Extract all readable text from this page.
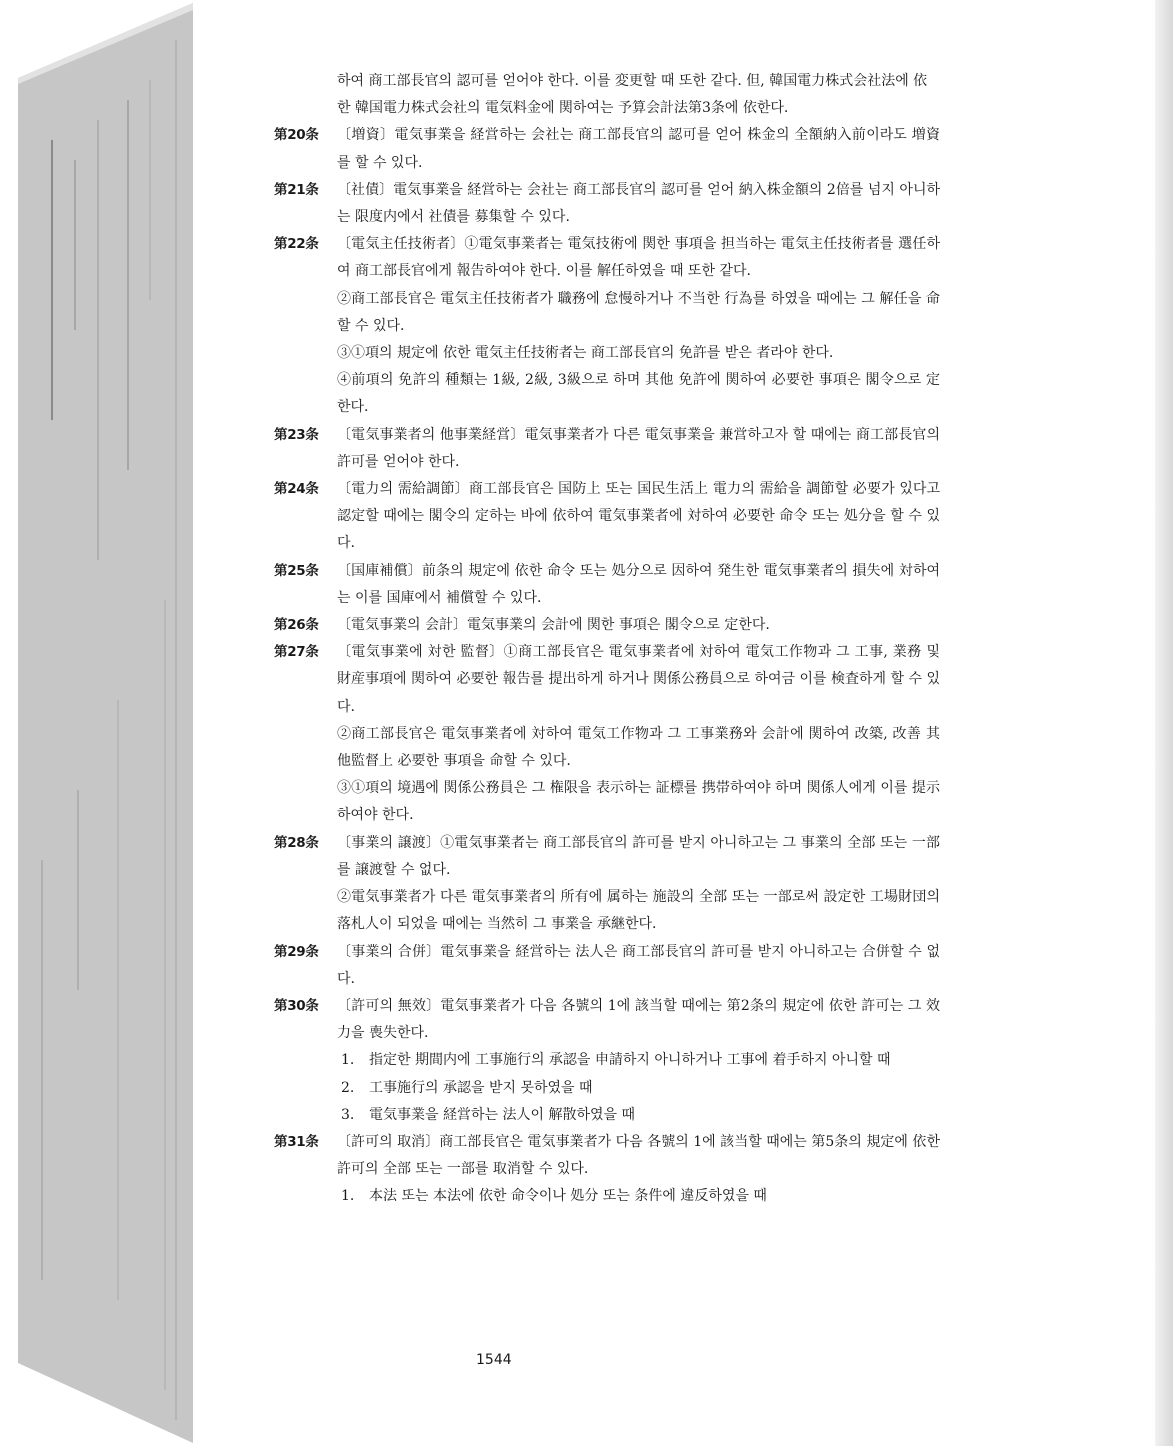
하여 商工部長官의 認可를 얻어야 한다. 이를 変更할 때 또한 같다. 但, 韓国電力株式会社法에 依한 韓国電力株式会社의 電気料金에 関하여는 予算会計法第3条에 依한다.
第20条	〔増資〕電気事業을 経営하는 会社는 商工部長官의 認可를 얻어 株金의 全額納入前이라도 増資를 할 수 있다.
第21条	〔社債〕電気事業을 経営하는 会社는 商工部長官의 認可를 얻어 納入株金額의 2倍를 넘지 아니하는 限度内에서 社債를 募集할 수 있다.
第22条	〔電気主任技術者〕①電気事業者는 電気技術에 関한 事項을 担当하는 電気主任技術者를 選任하여 商工部長官에게 報告하여야 한다. 이를 解任하였을 때 또한 같다.
②商工部長官은 電気主任技術者가 職務에 怠慢하거나 不当한 行為를 하였을 때에는 그 解任을 命할 수 있다.
③①項의 規定에 依한 電気主任技術者는 商工部長官의 免許를 받은 者라야 한다.
④前項의 免許의 種類는 1級, 2級, 3級으로 하며 其他 免許에 関하여 必要한 事項은 閣令으로 定한다.
第23条	〔電気事業者의 他事業経営〕電気事業者가 다른 電気事業을 兼営하고자 할 때에는 商工部長官의 許可를 얻어야 한다.
第24条	〔電力의 需給調節〕商工部長官은 国防上 또는 国民生活上 電力의 需給을 調節할 必要가 있다고 認定할 때에는 閣令의 定하는 바에 依하여 電気事業者에 対하여 必要한 命令 또는 処分을 할 수 있다.
第25条	〔国庫補償〕前条의 規定에 依한 命令 또는 処分으로 因하여 発生한 電気事業者의 損失에 対하여는 이를 国庫에서 補償할 수 있다.
第26条	〔電気事業의 会計〕電気事業의 会計에 関한 事項은 閣令으로 定한다.
第27条	〔電気事業에 対한 監督〕①商工部長官은 電気事業者에 対하여 電気工作物과 그 工事, 業務 및 財産事項에 関하여 必要한 報告를 提出하게 하거나 関係公務員으로 하여금 이를 検査하게 할 수 있다.
②商工部長官은 電気事業者에 対하여 電気工作物과 그 工事業務와 会計에 関하여 改築, 改善 其他監督上 必要한 事項을 命할 수 있다.
③①項의 境遇에 関係公務員은 그 権限을 表示하는 証標를 携帯하여야 하며 関係人에게 이를 提示하여야 한다.
第28条	〔事業의 譲渡〕①電気事業者는 商工部長官의 許可를 받지 아니하고는 그 事業의 全部 또는 一部를 譲渡할 수 없다.
②電気事業者가 다른 電気事業者의 所有에 属하는 施設의 全部 또는 一部로써 設定한 工場財団의 落札人이 되었을 때에는 当然히 그 事業을 承継한다.
第29条	〔事業의 合併〕電気事業을 経営하는 法人은 商工部長官의 許可를 받지 아니하고는 合併할 수 없다.
第30条	〔許可의 無效〕電気事業者가 다음 各號의 1에 該当할 때에는 第2条의 規定에 依한 許可는 그 效力을 喪失한다.
1.	指定한 期間内에 工事施行의 承認을 申請하지 아니하거나 工事에 着手하지 아니할 때
2.	工事施行의 承認을 받지 못하였을 때
3.	電気事業을 経営하는 法人이 解散하였을 때
第31条	〔許可의 取消〕商工部長官은 電気事業者가 다음 各號의 1에 該当할 때에는 第5条의 規定에 依한 許可의 全部 또는 一部를 取消할 수 있다.
1.	本法 또는 本法에 依한 命令이나 処分 또는 条件에 違反하였을 때
1544
